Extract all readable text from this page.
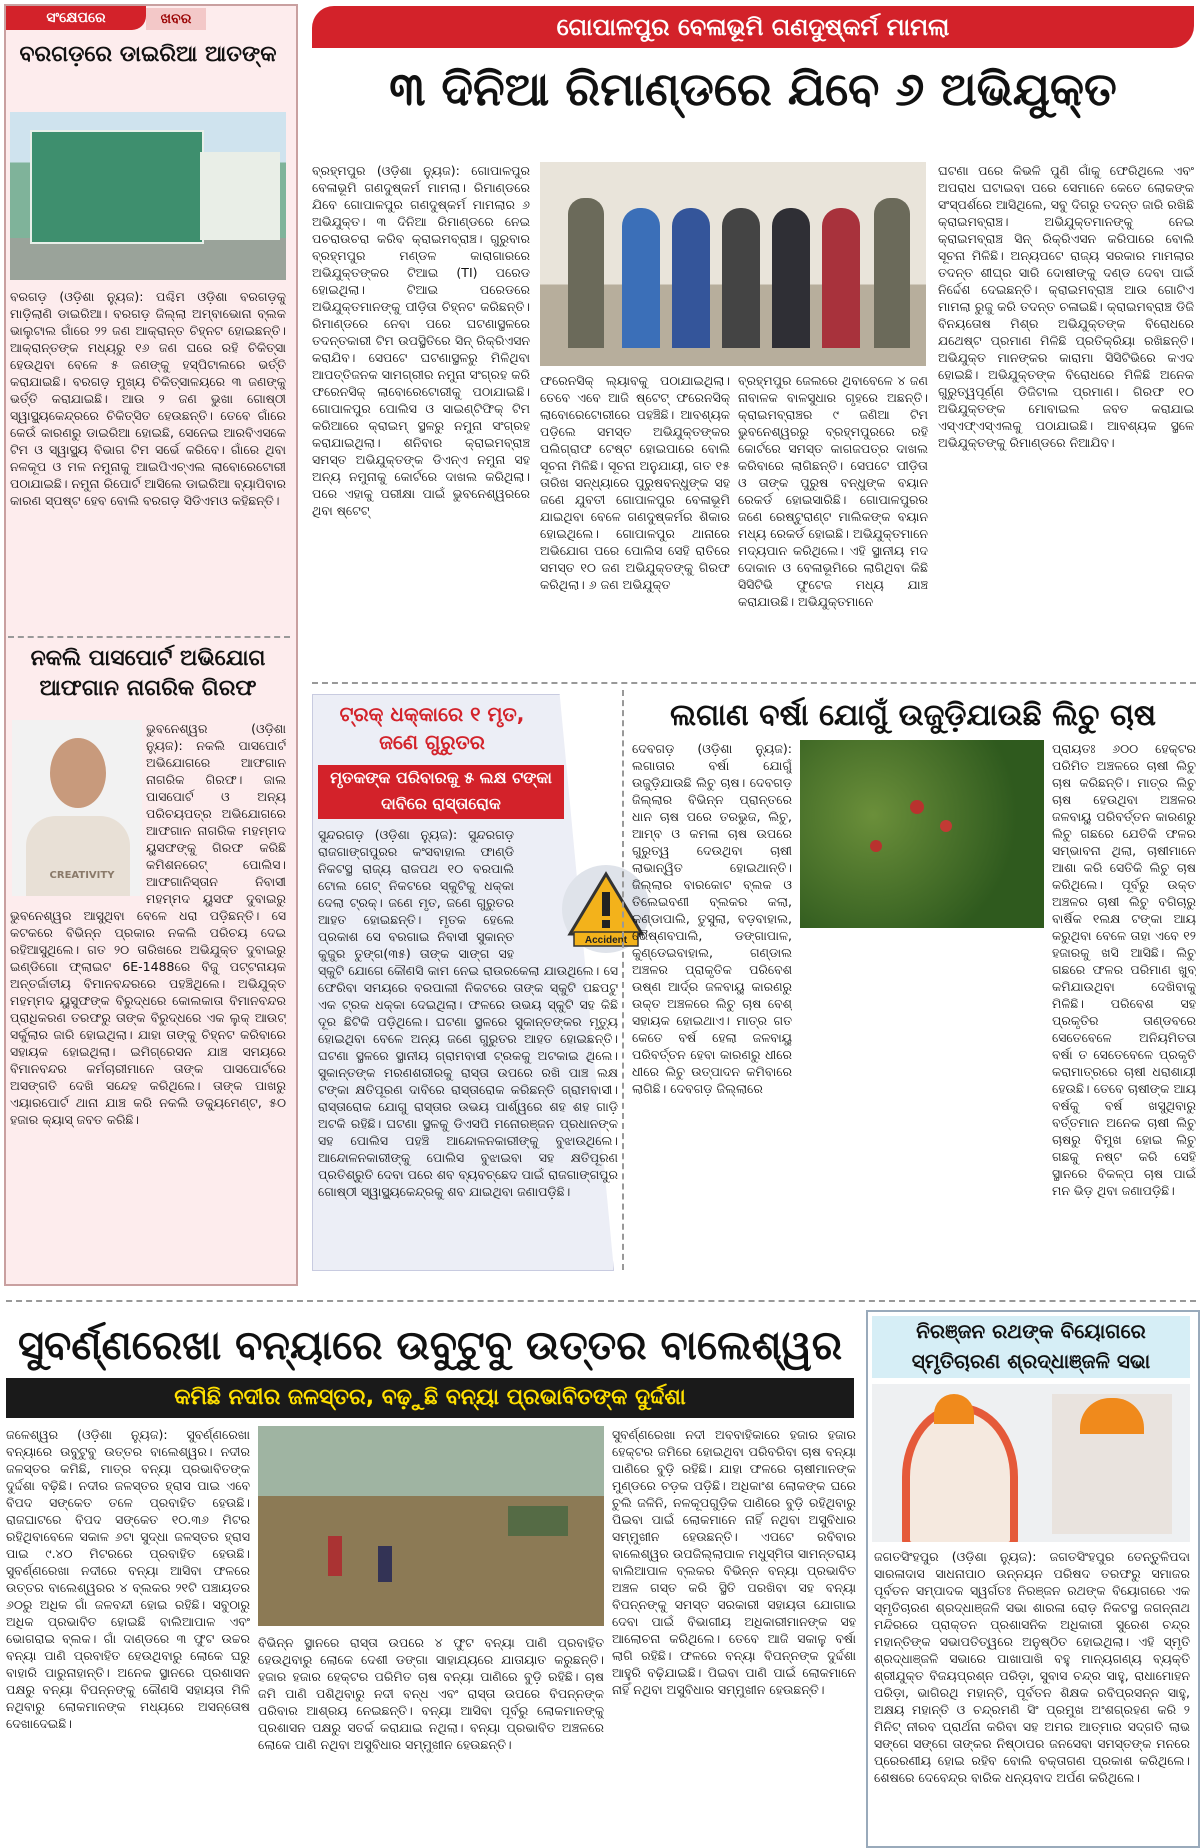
ସଂକ୍ଷେପରେ	ଖବର
ବରଗଡ଼ରେ ଡାଇରିଆ ଆତଙ୍କ
ବରଗଡ଼ (ଓଡ଼ିଶା ନ୍ୟୁଜ): ପଶ୍ଚିମ ଓଡ଼ିଶା ବରଗଡ଼କୁ ମାଡ଼ିଲାଣି ଡାଇରିଆ। ବରଗଡ଼ ଜିଲ୍ଲା ଅମ୍ବାଭୋନା ବ୍ଲକ ଭାଲୁଟାଲ ଗାଁରେ ୨୨ ଜଣ ଆକ୍ରାନ୍ତ ଚିହ୍ନଟ ହୋଇଛନ୍ତି। ଆକ୍ରାନ୍ତଙ୍କ ମଧ୍ୟରୁ ୧୬ ଜଣ ଘରେ ରହି ଚିକିତ୍ସା ହେଉଥିବା ବେଳେ ୫ ଜଣଙ୍କୁ ହସ୍ପିଟାଲରେ ଭର୍ତ୍ତି କରାଯାଇଛି। ବରଗଡ଼ ମୁଖ୍ୟ ଚିକିତ୍ସାଳୟରେ ୩ ଜଣଙ୍କୁ ଭର୍ତ୍ତି କରାଯାଇଛି। ଆଉ ୨ ଜଣ ଭୁଖା ଗୋଷ୍ଠୀ ସ୍ୱାସ୍ଥ୍ୟକେନ୍ଦ୍ରରେ ଚିକିତ୍ସିତ ହେଉଛନ୍ତି। ତେବେ ଗାଁରେ କେଉଁ କାରଣରୁ ଡାଇରିଆ ହୋଇଛି, ସେନେଇ ଆରବିଏସକେ ଟିମ ଓ ସ୍ୱାସ୍ଥ୍ୟ ବିଭାଗ ଟିମ ସର୍ଭେ କରିବେ। ଗାଁରେ ଥିବା ନଳକୂପ ଓ ମଳ ନମୁନାକୁ ଆଇପିଏଚ୍ଏଲ ଲାବୋରେଟୋରୀ ପଠାଯାଇଛି। ନମୁନା ରିପୋର୍ଟ ଆସିଲେ ଡାଇରିଆ ବ୍ୟାପିବାର କାରଣ ସ୍ପଷ୍ଟ ହେବ ବୋଲି ବରଗଡ଼ ସିଡିଏମଓ କହିଛନ୍ତି।
ନକଲି ପାସପୋର୍ଟ ଅଭିଯୋଗ ଆଫଗାନ ନାଗରିକ ଗିରଫ
CREATIVITY
ଭୁବନେଶ୍ୱର (ଓଡ଼ିଶା ନ୍ୟୁଜ): ନକଲି ପାସପୋର୍ଟ ଅଭିଯୋଗରେ ଆଫଗାନ ନାଗରିକ ଗିରଫ। ଜାଲ ପାସପୋର୍ଟ ଓ ଅନ୍ୟ ପରିଚୟପତ୍ର ଅଭିଯୋଗରେ ଆଫଗାନ ନାଗରିକ ମହମ୍ମଦ ୟୁସଫଙ୍କୁ ଗିରଫ କରିଛି କମିଶନରେଟ୍ ପୋଲିସ। ଆଫଗାନିସ୍ତାନ ନିବାସୀ ମହମ୍ମଦ ୟୁସଫ ଦୁବାଇରୁ ଭୁବନେଶ୍ୱର ଆସୁଥିବା ବେଳେ ଧରା ପଡ଼ିଛନ୍ତି। ସେ କଟକରେ ବିଭିନ୍ନ ପ୍ରକାର ନକଲି ପରିଚୟ ଦେଇ ରହିଆସୁଥିଲେ। ଗତ ୨୦ ତାରିଖରେ ଅଭିଯୁକ୍ତ ଦୁବାଇରୁ ଇଣ୍ଡିଗୋ ଫ୍ଲାଇଟ 6E-1488ରେ ବିଜୁ ପଟ୍ଟନାୟକ ଅନ୍ତର୍ଜାତୀୟ ବିମାନବନ୍ଦରରେ ପହଞ୍ଚିଥିଲେ। ଅଭିଯୁକ୍ତ ମହମ୍ମଦ ୟୁସୁଫଙ୍କ ବିରୁଦ୍ଧରେ କୋଲକାତା ବିମାନବନ୍ଦର ପ୍ରାଧିକରଣ ତରଫରୁ ତାଙ୍କ ବିରୁଦ୍ଧରେ ଏକ ଲୁକ୍ ଆଉଟ୍ ସର୍କୁଲାର ଜାରି ହୋଇଥିଲା। ଯାହା ତାଙ୍କୁ ଚିହ୍ନଟ କରିବାରେ ସହାୟକ ହୋଇଥିଲା। ଇମିଗ୍ରେସନ ଯାଞ୍ଚ ସମୟରେ ବିମାନବନ୍ଦର କର୍ମଚାରୀମାନେ ତାଙ୍କ ପାସପୋର୍ଟରେ ଅସଙ୍ଗତି ଦେଖି ସନ୍ଦେହ କରିଥିଲେ। ତାଙ୍କ ପାଖରୁ ଏୟାରପୋର୍ଟ ଥାନା ଯାଞ୍ଚ କରି ନକଲି ଡକ୍ୟୁମେଣ୍ଟ, ୫୦ ହଜାର କ୍ୟାସ୍ ଜବତ କରିଛି।
ଗୋପାଳପୁର ବେଳାଭୂମି ଗଣଦୁଷ୍କର୍ମ ମାମଲା
୩ ଦିନିଆ ରିମାଣ୍ଡରେ ଯିବେ ୬ ଅଭିଯୁକ୍ତ
ବ୍ରହ୍ମପୁର (ଓଡ଼ିଶା ନ୍ୟୁଜ): ଗୋପାଳପୁର ବେଳାଭୂମି ଗଣଦୁଷ୍କର୍ମ ମାମଲା। ରିମାଣ୍ଡରେ ଯିବେ ଗୋପାଳପୁର ଗଣଦୁଷ୍କର୍ମ ମାମଲାର ୬ ଅଭିଯୁକ୍ତ। ୩ ଦିନିଆ ରିମାଣ୍ଡରେ ନେଇ ପଚରାଉଚରା କରିବ କ୍ରାଇମବ୍ରାଞ୍ଚ। ଗୁରୁବାର ବ୍ରହ୍ମପୁର ମଣ୍ଡଳ କାରାଗାରରେ ଅଭିଯୁକ୍ତଙ୍କର ଟିଆଇ (TI) ପରେଡ ହୋଇଥିଲା। ଟିଆଇ ପରେଡରେ ଅଭିଯୁକ୍ତମାନଙ୍କୁ ପୀଡ଼ିତା ଚିହ୍ନଟ କରିଛନ୍ତି। ରିମାଣ୍ଡରେ ନେବା ପରେ ଘଟଣାସ୍ଥଳରେ ତଦନ୍ତକାରୀ ଟିମ ଉପସ୍ଥିତିରେ ସିନ୍ ରିକ୍ରିଏସନ କରାଯିବ। ସେପଟେ ଘଟଣାସ୍ଥଳରୁ ମିଳିଥିବା ଆପତ୍ତିଜନକ ସାମଗ୍ରୀର ନମୁନା ସଂଗ୍ରହ କରି ଫରେନସିକ୍ ଲାବୋରେଟୋରୀକୁ ପଠାଯାଇଛି। ଗୋପାଳପୁର ପୋଲିସ ଓ ସାଇଣ୍ଟିଫିକ୍ ଟିମ କରିଆରେ କ୍ରାଇମ୍ ସ୍ଥଳରୁ ନମୁନା ସଂଗ୍ରହ କରାଯାଇଥିଲା। ଶନିବାର କ୍ରାଇମବ୍ରାଞ୍ଚ ସମସ୍ତ ଅଭିଯୁକ୍ତଙ୍କ ଡିଏନ୍ଏ ନମୁନା ସହ ଅନ୍ୟ ନମୁନାକୁ କୋର୍ଟରେ ଦାଖଲ କରିଥିଲା। ପରେ ଏହାକୁ ପରୀକ୍ଷା ପାଇଁ ଭୁବନେଶ୍ୱରରେ ଥିବା ଷ୍ଟେଟ୍
ଫରେନସିକ୍ ଲ୍ୟାବକୁ ପଠାଯାଇଥିଲା। ତେବେ ଏବେ ଆଜି ଷ୍ଟେଟ୍ ଫରେନସିକ୍ ଲାବୋରେଟୋରୀରେ ପହଞ୍ଚିଛି। ଆବଶ୍ୟକ ପଡ଼ିଲେ ସମସ୍ତ ଅଭିଯୁକ୍ତଙ୍କର ପଲିଗ୍ରାଫ ଟେଷ୍ଟ ହୋଇପାରେ ବୋଲି ସୂଚନା ମିଳିଛି। ସୂଚନା ଅନୁଯାୟୀ, ଗତ ୧୫ ତାରିଖ ସନ୍ଧ୍ୟାରେ ପୁରୁଷବନ୍ଧୁଙ୍କ ସହ ଜଣେ ଯୁବତୀ ଗୋପାଳପୁର ବେଳାଭୂମି ଯାଇଥିବା ବେଳେ ଗଣଦୁଷ୍କର୍ମର ଶିକାର ହୋଇଥିଲେ। ଗୋପାଳପୁର ଥାନାରେ ଅଭିଯୋଗ ପରେ ପୋଲିସ ସେହି ରାତିରେ ସମସ୍ତ ୧୦ ଜଣ ଅଭିଯୁକ୍ତଙ୍କୁ ଗିରଫ କରିଥିଲା। ୬ ଜଣ ଅଭିଯୁକ୍ତ
ବ୍ରହ୍ମପୁର ଜେଲରେ ଥିବାବେଳେ ୪ ଜଣ ନାବାଳକ ବାଳସୁଧାର ଗୃହରେ ଅଛନ୍ତି। କ୍ରାଇମବ୍ରାଞ୍ଚର ୯ ଜଣିଆ ଟିମ ଭୁବନେଶ୍ୱରରୁ ବ୍ରହ୍ମପୁରରେ ରହି କୋର୍ଟରେ ସମସ୍ତ କାଗଜପତ୍ର ଦାଖଲ କରିବାରେ ଲାଗିଛନ୍ତି। ସେପଟେ ପୀଡ଼ିତା ଓ ତାଙ୍କ ପୁରୁଷ ବନ୍ଧୁଙ୍କ ବୟାନ ରେକର୍ଡ ହୋଇସାରିଛି। ଗୋପାଳପୁରର ଜଣେ ରେଷ୍ଟୁରାଣ୍ଟ ମାଲିକଙ୍କ ବୟାନ ମଧ୍ୟ ରେକର୍ଡ ହୋଇଛି। ଅଭିଯୁକ୍ତମାନେ ମଦ୍ୟପାନ କରିଥିଲେ। ଏହି ସ୍ଥାନୀୟ ମଦ ଦୋକାନ ଓ ବେଳାଭୂମିରେ ଲାଗିଥିବା କିଛି ସିସିଟିଭି ଫୁଟେଜ ମଧ୍ୟ ଯାଞ୍ଚ କରାଯାଉଛି। ଅଭିଯୁକ୍ତମାନେ
ଘଟଣା ପରେ କିଭଳି ପୁଣି ଗାଁକୁ ଫେରିଥିଲେ ଏବଂ ଅପରାଧ ଘଟାଇବା ପରେ ସେମାନେ କେତେ ଲୋକଙ୍କ ସଂସ୍ପର୍ଶରେ ଆସିଥିଲେ, ସବୁ ଦିଗରୁ ତଦନ୍ତ ଜାରି ରଖିଛି କ୍ରାଇମବ୍ରାଞ୍ଚ। ଅଭିଯୁକ୍ତମାନଙ୍କୁ ନେଇ କ୍ରାଇମବ୍ରାଞ୍ଚ ସିନ୍ ରିକ୍ରିଏସନ କରିପାରେ ବୋଲି ସୂଚନା ମିଳିଛି। ଅନ୍ୟପଟେ ରାଜ୍ୟ ସରକାର ମାମଲାର ତଦନ୍ତ ଶୀଘ୍ର ସାରି ଦୋଷୀଙ୍କୁ ଦଣ୍ଡ ଦେବା ପାଇଁ ନିର୍ଦ୍ଦେଶ ଦେଇଛନ୍ତି। କ୍ରାଇମବ୍ରାଞ୍ଚ ଆଉ ଗୋଟିଏ ମାମଲା ରୁଜୁ କରି ତଦନ୍ତ ଚଳାଇଛି। କ୍ରାଇମବ୍ରାଞ୍ଚ ଡିଜି ବିନୟତୋଷ ମିଶ୍ର ଅଭିଯୁକ୍ତଙ୍କ ବିରୋଧରେ ଯଥେଷ୍ଟ ପ୍ରମାଣ ମିଳିଛି ପ୍ରତିକ୍ରିୟା ରଖିଛନ୍ତି। ଅଭିଯୁକ୍ତ ମାନଙ୍କର କାରାମା ସିସିଟିଭିରେ କଏଦ ହୋଇଛି। ଅଭିଯୁକ୍ତଙ୍କ ବିରୋଧରେ ମିଳିଛି ଅନେକ ଗୁରୁତ୍ୱପୂର୍ଣ୍ଣ ଡିଜିଟାଲ ପ୍ରମାଣ। ଗିରଫ ୧୦ ଅଭିଯୁକ୍ତଙ୍କ ମୋବାଇଲ ଜବତ କରାଯାଇ ଏସ୍ଏଫ୍ଏସ୍ଏଲକୁ ପଠାଯାଇଛି। ଆବଶ୍ୟକ ସ୍ଥଳେ ଅଭିଯୁକ୍ତଙ୍କୁ ରିମାଣ୍ଡରେ ନିଆଯିବ।
ଟ୍ରକ୍ ଧକ୍କାରେ ୧ ମୃତ, ଜଣେ ଗୁରୁତର
ମୃତକଙ୍କ ପରିବାରକୁ ୫ ଲକ୍ଷ ଟଙ୍କା ଦାବିରେ ରାସ୍ତାରୋକ
Accident
ସୁନ୍ଦରଗଡ଼ (ଓଡ଼ିଶା ନ୍ୟୁଜ): ସୁନ୍ଦରଗଡ଼ ରାଜଗାଙ୍ଗପୁରର କଂସବାହାଲ ଫାଣ୍ଡି ନିକଟସ୍ଥ ରାଜ୍ୟ ରାଜପଥ ୧୦ ବରପାଲି ଟୋଲ ଗେଟ୍ ନିକଟରେ ସ୍କୁଟିକୁ ଧକ୍କା ଦେଲା ଟ୍ରକ୍। ଜଣେ ମୃତ, ଜଣେ ଗୁରୁତର ଆହତ ହୋଇଛନ୍ତି। ମୃତକ ହେଲେ ପ୍ରକାଶ ସେ ବରଗାଇ ନିବାସୀ ସୁକାନ୍ତ କୁଜୁର ତୁଙ୍ଗ(୩୫) ତାଙ୍କ ସାଙ୍ଗ ସହ ସ୍କୁଟି ଯୋଗେ କୌଣସି କାମ ନେଇ ରାଉରକେଲା ଯାଉଥିଲେ। ସେ ଫେରିବା ସମୟରେ ବରପାଲୀ ନିକଟରେ ତାଙ୍କ ସ୍କୁଟି ପଛପଟୁ ଏକ ଟ୍ରକ ଧକ୍କା ଦେଇଥିଲା। ଫଳରେ ଉଭୟ ସ୍କୁଟି ସହ କିଛି ଦୂର ଛିଟିକି ପଡ଼ିଥିଲେ। ଘଟଣା ସ୍ଥଳରେ ସୁକାନ୍ତଙ୍କର ମୃତ୍ୟୁ ହୋଇଥିବା ବେଳେ ଅନ୍ୟ ଜଣେ ଗୁରୁତର ଆହତ ହୋଇଛନ୍ତି। ଘଟଣା ସ୍ଥଳରେ ସ୍ଥାନୀୟ ଗ୍ରାମବାସୀ ଟ୍ରକକୁ ଅଟକାଇ ଥିଲେ। ସୁକାନ୍ତଙ୍କ ମରଣଶରୀରକୁ ରାସ୍ତା ଉପରେ ରଖି ପାଞ୍ଚ ଲକ୍ଷ ଟଙ୍କା କ୍ଷତିପୂରଣ ଦାବିରେ ରାସ୍ତାରୋକ କରିଛନ୍ତି ଗ୍ରାମବାସୀ। ରାସ୍ତାରୋକ ଯୋଗୁ ରାସ୍ତାର ଉଭୟ ପାର୍ଶ୍ୱରେ ଶହ ଶହ ଗାଡ଼ି ଅଟକି ରହିଛି। ଘଟଣା ସ୍ଥଳକୁ ଡିଏସପି ମନୋରଞ୍ଜନ ପ୍ରଧାନଙ୍କ ସହ ପୋଲିସ ପହଞ୍ଚି ଆନ୍ଦୋଳନକାରୀଙ୍କୁ ବୁଝାଉଥିଲେ। ଆନ୍ଦୋଳନକାରୀଙ୍କୁ ପୋଲିସ ବୁଝାଇବା ସହ କ୍ଷତିପୂରଣ ପ୍ରତିଶ୍ରୁତି ଦେବା ପରେ ଶବ ବ୍ୟବଚ୍ଛେଦ ପାଇଁ ରାଜଗାଙ୍ଗପୁର ଗୋଷ୍ଠୀ ସ୍ୱାସ୍ଥ୍ୟକେନ୍ଦ୍ରକୁ ଶବ ଯାଇଥିବା ଜଣାପଡ଼ିଛି।
ଲଗାଣ ବର୍ଷା ଯୋଗୁଁ ଉଜୁଡ଼ିଯାଉଛି ଲିଚୁ ଚାଷ
ଦେବଗଡ଼ (ଓଡ଼ିଶା ନ୍ୟୁଜ): ଲଗାତାର ବର୍ଷା ଯୋଗୁଁ ଉଜୁଡ଼ିଯାଉଛି ଲିଚୁ ଚାଷ। ଦେବଗଡ଼ ଜିଲ୍ଲାର ବିଭିନ୍ନ ପ୍ରାନ୍ତରେ ଧାନ ଚାଷ ପରେ ତରଭୁଜ, ଲିଚୁ, ଆମ୍ବ ଓ କମଳା ଚାଷ ଉପରେ ଗୁରୁତ୍ୱ ଦେଉଥିବା ଚାଷୀ ଲାଭାନ୍ୱିତ ହୋଇଥାନ୍ତି। ଜିଲ୍ଲାର ବାରକୋଟ ବ୍ଲକ ଓ ତିଲେଇବଣୀ ବ୍ଲକର କଲା, କଣ୍ଡାପାଲି, ତୁସୁଲା, ବଡ଼ବାହାଲ, ଭୈଷ୍ଣବପାଲି, ଡଙ୍ଗାପାଳ, କୁଣ୍ଡେଇବାହାଲ, ଗଣ୍ଡାଲ ଅଞ୍ଚଳର ପ୍ରାକୃତିକ ପରିବେଶ ଉଷ୍ଣ ଆର୍ଦ୍ର ଜଳବାୟୁ କାରଣରୁ ଉକ୍ତ ଅଞ୍ଚଳରେ ଲିଚୁ ଚାଷ ବେଶ୍ ସହାୟକ ହୋଇଥାଏ। ମାତ୍ର ଗତ କେତେ ବର୍ଷ ହେଲା ଜଳବାୟୁ ପରିବର୍ତ୍ତନ ହେବା କାରଣରୁ ଧୀରେ ଧୀରେ ଲିଚୁ ଉତ୍ପାଦନ କମିବାରେ ଲାଗିଛି। ଦେବଗଡ଼ ଜିଲ୍ଲାରେ
ପ୍ରାୟତଃ ୬୦୦ ହେକ୍ଟର ପରିମିତ ଅଞ୍ଚଳରେ ଚାଷୀ ଲିଚୁ ଚାଷ କରିଛନ୍ତି। ମାତ୍ର ଲିଚୁ ଚାଷ ହେଉଥିବା ଅଞ୍ଚଳର ଜଳବାୟୁ ପରିବର୍ତ୍ତନ କାରଣରୁ ଲିଚୁ ଗଛରେ ଯେତିକି ଫଳର ସମ୍ଭାବନା ଥିଲା, ଚାଷୀମାନେ ଆଶା କରି ସେତିକି ଲିଚୁ ଚାଷ କରିଥିଲେ। ପୂର୍ବରୁ ଉକ୍ତ ଅଞ୍ଚଳର ଚାଷୀ ଲିଚୁ ବଗିଚାରୁ ବାର୍ଷିକ ୧ଲକ୍ଷ ଟଙ୍କା ଆୟ କରୁଥିବା ବେଳେ ତାହା ଏବେ ୧୨ ହଜାରକୁ ଖସି ଆସିଛି। ଲିଚୁ ଗଛରେ ଫଳର ପରିମାଣ ଖୁବ୍ କମିଯାଉଥିବା ଦେଖିବାକୁ ମିଳିଛି। ପରିବେଶ ସହ ପ୍ରକୃତିର ତାଣ୍ଡବରେ ସେତେବେଳେ ଅନିୟମିତତା ବର୍ଷା ତ ସେତେବେଳେ ପ୍ରକୃତି କରାମାତ୍ରରେ ଚାଷୀ ଧରାଶାୟୀ ହେଉଛି। ତେବେ ଚାଷୀଙ୍କ ଆୟ ବର୍ଷକୁ ବର୍ଷ ଖସୁଥିବାରୁ ବର୍ତ୍ତମାନ ଅନେକ ଚାଷୀ ଲିଚୁ ଚାଷରୁ ବିମୁଖ ହୋଇ ଲିଚୁ ଗଛକୁ ନଷ୍ଟ କରି ସେହି ସ୍ଥାନରେ ବିକଳ୍ପ ଚାଷ ପାଇଁ ମନ ଭିଡ଼ ଥିବା ଜଣାପଡ଼ିଛି।
ସୁବର୍ଣ୍ଣରେଖା ବନ୍ୟାରେ ଉବୁଟୁବୁ ଉତ୍ତର ବାଲେଶ୍ୱର
କମିଛି ନଦୀର ଜଳସ୍ତର, ବଢ଼ୁଛି ବନ୍ୟା ପ୍ରଭାବିତଙ୍କ ଦୁର୍ଦ୍ଦଶା
ଜଳେଶ୍ୱର (ଓଡ଼ିଶା ନ୍ୟୁଜ): ସୁବର୍ଣ୍ଣରେଖା ବନ୍ୟାରେ ଉବୁଟୁବୁ ଉତ୍ତର ବାଲେଶ୍ୱର। ନଦୀର ଜଳସ୍ତର କମିଛି, ମାତ୍ର ବନ୍ୟା ପ୍ରଭାବିତଙ୍କ ଦୁର୍ଦ୍ଦଶା ବଢ଼ିଛି। ନଦୀର ଜଳସ୍ତର ହ୍ରାସ ପାଇ ଏବେ ବିପଦ ସଙ୍କେତ ତଳେ ପ୍ରବାହିତ ହେଉଛି। ରାଜଘାଟରେ ବିପଦ ସଙ୍କେତ ୧୦.୩୬ ମିଟର ରହିଥିବାବେଳେ ସକାଳ ୬ଟା ସୁଦ୍ଧା ଜଳସ୍ତର ହ୍ରାସ ପାଇ ୯.୪୦ ମିଟରରେ ପ୍ରବାହିତ ହେଉଛି। ସୁବର୍ଣ୍ଣରେଖା ନଦୀରେ ବନ୍ୟା ଆସିବା ଫଳରେ ଉତ୍ତର ବାଲେଶ୍ୱରର ୪ ବ୍ଲକର ୨୧ଟି ପଞ୍ଚାୟତର ୬୦ରୁ ଅଧିକ ଗାଁ ଜଳବନ୍ଦୀ ହୋଇ ରହିଛି। ସବୁଠାରୁ ଅଧିକ ପ୍ରଭାବିତ ହୋଇଛି ବାଲିଆପାଳ ଏବଂ ଭୋଗରାଇ ବ୍ଲକ। ଗାଁ ଦାଣ୍ଡରେ ୩ ଫୁଟ ଉଚ୍ଚର ବନ୍ୟା ପାଣି ପ୍ରବାହିତ ହେଉଥିବାରୁ ଲୋକେ ଘରୁ ବାହାରି ପାରୁନାହାନ୍ତି। ଅନେକ ସ୍ଥାନରେ ପ୍ରଶାସନ ପକ୍ଷରୁ ବନ୍ୟା ବିପନ୍ନଙ୍କୁ କୌଣସି ସହାୟତା ମିଳି ନଥିବାରୁ ଲୋକମାନଙ୍କ ମଧ୍ୟରେ ଅସନ୍ତୋଷ ଦେଖାଦେଇଛି।
ବିଭିନ୍ନ ସ୍ଥାନରେ ରାସ୍ତା ଉପରେ ୪ ଫୁଟ ବନ୍ୟା ପାଣି ପ୍ରବାହିତ ହେଉଥିବାରୁ ଲୋକେ ଦେଶୀ ଡଙ୍ଗା ସାହାଯ୍ୟରେ ଯାତାୟାତ କରୁଛନ୍ତି। ହଜାର ହଜାର ହେକ୍ଟର ପରିମିତ ଚାଷ ବନ୍ୟା ପାଣିରେ ବୁଡ଼ି ରହିଛି। ଚାଷ ଜମି ପାଣି ପଶିଥିବାରୁ ନଦୀ ବନ୍ଧ ଏବଂ ରାସ୍ତା ଉପରେ ବିପନ୍ନଙ୍କ ପରିବାର ଆଶ୍ରୟ ନେଇଛନ୍ତି। ବନ୍ୟା ଆସିବା ପୂର୍ବରୁ ଲୋକମାନଙ୍କୁ ପ୍ରଶାସନ ପକ୍ଷରୁ ସତର୍କ କରାଯାଇ ନଥିଲା। ବନ୍ୟା ପ୍ରଭାବିତ ଅଞ୍ଚଳରେ ଲୋକେ ପାଣି ନଥିବା ଅସୁବିଧାର ସମ୍ମୁଖୀନ ହେଉଛନ୍ତି।
ସୁବର୍ଣ୍ଣରେଖା ନଦୀ ଅବବାହିକାରେ ହଜାର ହଜାର ହେକ୍ଟର ଜମିରେ ହୋଇଥିବା ପରିବରିବା ଚାଷ ବନ୍ୟା ପାଣିରେ ବୁଡ଼ି ରହିଛି। ଯାହା ଫଳରେ ଚାଷୀମାନଙ୍କ ମୁଣ୍ଡରେ ଚଡ଼କ ପଡ଼ିଛି। ଅଧିକାଂଶ ଲୋକଙ୍କ ଘରେ ଚୁଲି ଜଳିନି, ନଳକୂପଗୁଡ଼ିକ ପାଣିରେ ବୁଡ଼ି ରହିଥିବାରୁ ପିଇବା ପାଇଁ ଲୋକମାନେ ନାହିଁ ନଥିବା ଅସୁବିଧାର ସମ୍ମୁଖୀନ ହେଉଛନ୍ତି। ଏପଟେ ରବିବାର ବାଲେଶ୍ୱର ଉପଜିଲ୍ଲାପାଳ ମଧୁସ୍ମିତା ସାମନ୍ତରାୟ ବାଲିଆପାଳ ବ୍ଲକର ବିଭିନ୍ନ ବନ୍ୟା ପ୍ରଭାବିତ ଅଞ୍ଚଳ ଗସ୍ତ କରି ସ୍ଥିତି ପରଖିବା ସହ ବନ୍ୟା ବିପନ୍ନଙ୍କୁ ସମସ୍ତ ସରକାରୀ ସହାୟତା ଯୋଗାଇ ଦେବା ପାଇଁ ବିଭାଗୀୟ ଅଧିକାରୀମାନଙ୍କ ସହ ଆଲୋଚନା କରିଥିଲେ। ତେବେ ଆଜି ସକାଳୁ ବର୍ଷା ଲାଗି ରହିଛି। ଫଳରେ ବନ୍ୟା ବିପନ୍ନଙ୍କ ଦୁର୍ଦ୍ଦଶା ଆହୁରି ବଢ଼ିଯାଇଛି। ପିଇବା ପାଣି ପାଇଁ ଲୋକମାନେ ନାହିଁ ନଥିବା ଅସୁବିଧାର ସମ୍ମୁଖୀନ ହେଉଛନ୍ତି।
ନିରଞ୍ଜନ ରଥଙ୍କ ବିୟୋଗରେ ସ୍ମୃତିଚାରଣ ଶ୍ରଦ୍ଧାଞ୍ଜଳି ସଭା
ଜଗତସିଂହପୁର (ଓଡ଼ିଶା ନ୍ୟୁଜ): ଜଗତସିଂହପୁର ତେନ୍ତୁଳିପଦା ସାରଳାଦାସ ସାଧନାପାଠ ଉନ୍ନୟନ ପରିଷଦ ତରଫରୁ ସମାଜର ପୂର୍ବତନ ସମ୍ପାଦକ ସ୍ୱର୍ଗତଃ ନିରଞ୍ଜନ ରଥଙ୍କ ବିୟୋଗରେ ଏକ ସ୍ମୃତିଚାରଣ ଶ୍ରଦ୍ଧାଞ୍ଜଳି ସଭା ଶାରଳା ରୋଡ଼ ନିକଟସ୍ଥ ଜଗନ୍ନାଥ ମନ୍ଦିରରେ ପ୍ରାକ୍ତନ ପ୍ରଶାସନିକ ଅଧିକାରୀ ସୁରେଶ ଚନ୍ଦ୍ର ମହାନ୍ତିଙ୍କ ସଭାପତିତ୍ୱରେ ଅନୁଷ୍ଠିତ ହୋଇଥିଲା। ଏହି ସ୍ମୃତି ଶ୍ରଦ୍ଧାଞ୍ଜଳି ସଭାରେ ପାଖାପାଖି ବହୁ ମାନ୍ୟଗଣ୍ୟ ବ୍ୟକ୍ତି ଶ୍ରୀଯୁକ୍ତ ବିଜୟପ୍ରଶ୍ନ ପରିଡ଼ା, ସୁବାସ ଚନ୍ଦ୍ର ସାହୁ, ରାଧାମୋହନ ପରିଡ଼ା, ଭାଗିରଥି ମହାନ୍ତି, ପୂର୍ବତନ ଶିକ୍ଷକ ରବିପ୍ରସନ୍ନ ସାହୁ, ଅକ୍ଷୟ ମହାନ୍ତି ଓ ଚନ୍ଦ୍ରମଣି ସିଂ ପ୍ରମୁଖ ଅଂଶଗ୍ରହଣ କରି ୨ ମିନିଟ୍ ନୀରବ ପ୍ରାର୍ଥନା କରିବା ସହ ଅମର ଆତ୍ମାର ସଦ୍‌ଗତି ଲାଭ ସଙ୍ଗେ ସଙ୍ଗେ ତାଙ୍କର ନିଷ୍ଠାପର ଜନସେବା ସମସ୍ତଙ୍କ ମନରେ ପ୍ରେରଣୀୟ ହୋଇ ରହିବ ବୋଲି ବକ୍ତାଗଣ ପ୍ରକାଶ କରିଥିଲେ। ଶେଷରେ ଦେବେନ୍ଦ୍ର ବାରିକ ଧନ୍ୟବାଦ ଅର୍ପଣ କରିଥିଲେ।
